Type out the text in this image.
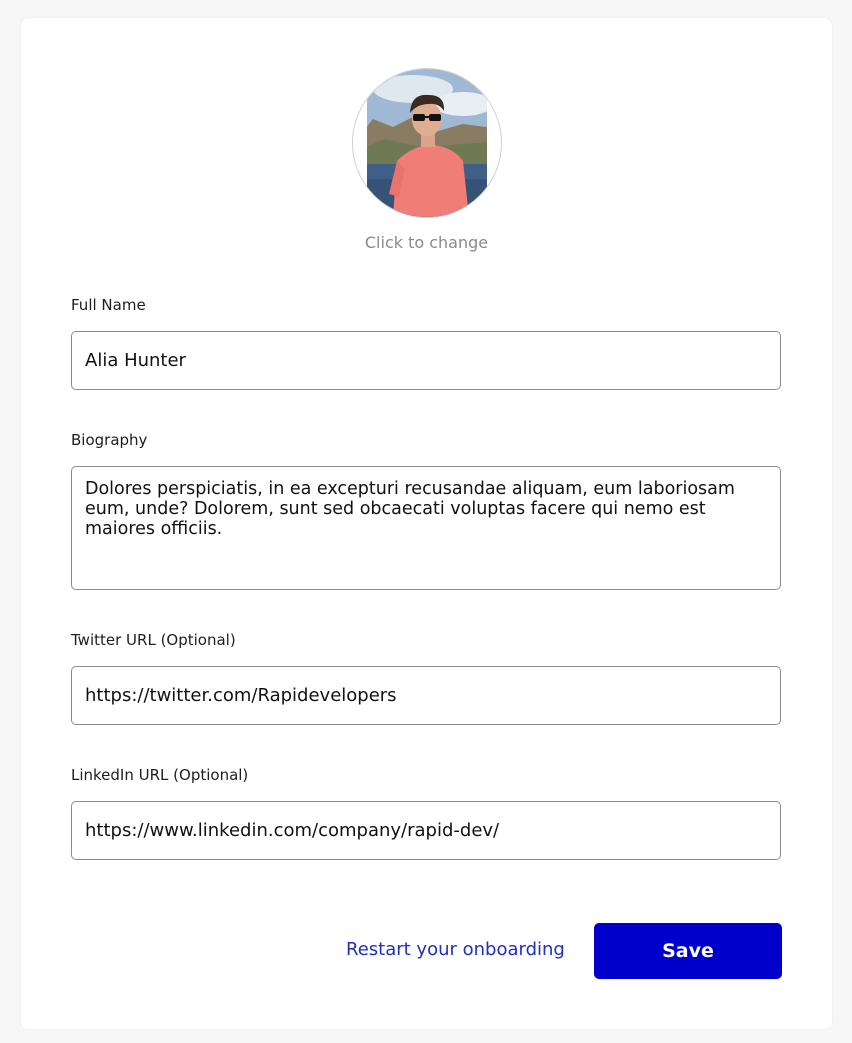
Click to change
Full Name
Alia Hunter
Biography
Dolores perspiciatis, in ea excepturi recusandae aliquam, eum laboriosam eum, unde? Dolorem, sunt sed obcaecati voluptas facere qui nemo est maiores officiis.
Twitter URL (Optional)
https://twitter.com/Rapidevelopers
LinkedIn URL (Optional)
https://www.linkedin.com/company/rapid-dev/
Restart your onboarding	Save
